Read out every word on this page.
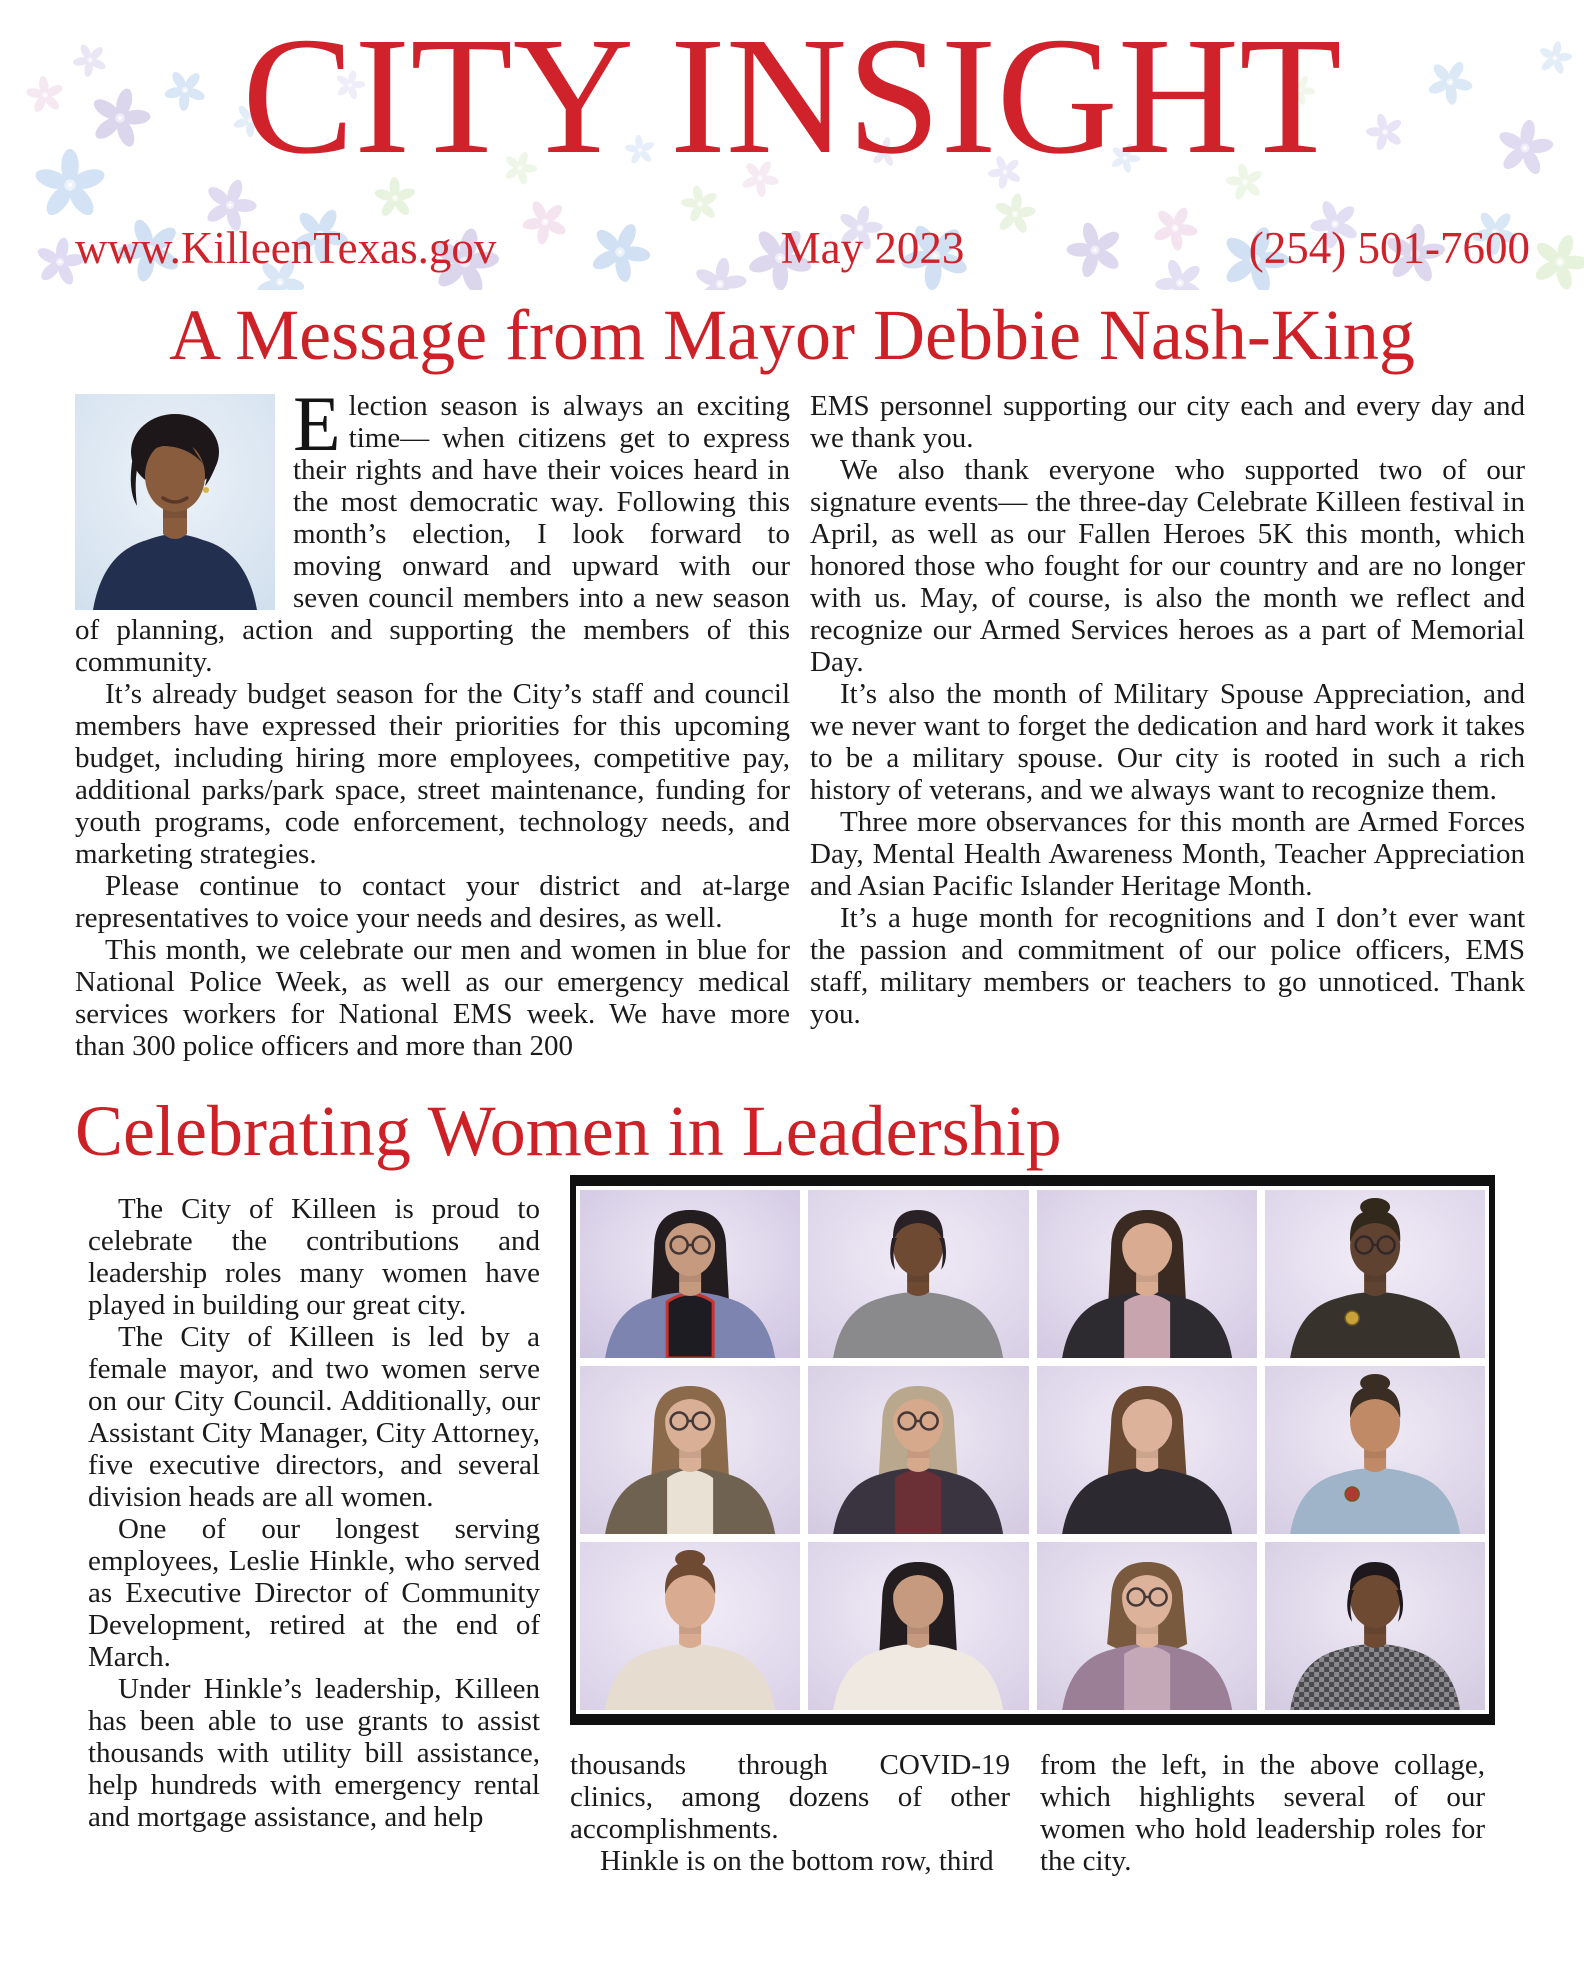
CITY INSIGHT
www.KilleenTexas.gov	May 2023	(254) 501-7600
A Message from Mayor Debbie Nash-King

Election season is always an exciting time— when citizens get to express their rights and have their voices heard in the most democratic way. Following this month’s election, I look forward to moving onward and upward with our seven council members into a new season of planning, action and supporting the members of this community.

It’s already budget season for the City’s staff and council members have expressed their priorities for this upcoming budget, including hiring more employees, competitive pay, additional parks/park space, street maintenance, funding for youth programs, code enforcement, technology needs, and marketing strategies.

Please continue to contact your district and at-large representatives to voice your needs and desires, as well.

This month, we celebrate our men and women in blue for National Police Week, as well as our emergency medical services workers for National EMS week. We have more than 300 police officers and more than 200

EMS personnel supporting our city each and every day and we thank you.

We also thank everyone who supported two of our signature events— the three-day Celebrate Killeen festival in April, as well as our Fallen Heroes 5K this month, which honored those who fought for our country and are no longer with us. May, of course, is also the month we reflect and recognize our Armed Services heroes as a part of Memorial Day.

It’s also the month of Military Spouse Appreciation, and we never want to forget the dedication and hard work it takes to be a military spouse. Our city is rooted in such a rich history of veterans, and we always want to recognize them.

Three more observances for this month are Armed Forces Day, Mental Health Awareness Month, Teacher Appreciation and Asian Pacific Islander Heritage Month.

It’s a huge month for recognitions and I don’t ever want the passion and commitment of our police officers, EMS staff, military members or teachers to go unnoticed. Thank you.

Celebrating Women in Leadership

The City of Killeen is proud to celebrate the contributions and leadership roles many women have played in building our great city.

The City of Killeen is led by a female mayor, and two women serve on our City Council. Additionally, our Assistant City Manager, City Attorney, five executive directors, and several division heads are all women.

One of our longest serving employees, Leslie Hinkle, who served as Executive Director of Community Development, retired at the end of March.

Under Hinkle’s leadership, Killeen has been able to use grants to assist thousands with utility bill assistance, help hundreds with emergency rental and mortgage assistance, and help

thousands through COVID-19 clinics, among dozens of other accomplishments.

Hinkle is on the bottom row, third

from the left, in the above collage, which highlights several of our women who hold leadership roles for the city.
